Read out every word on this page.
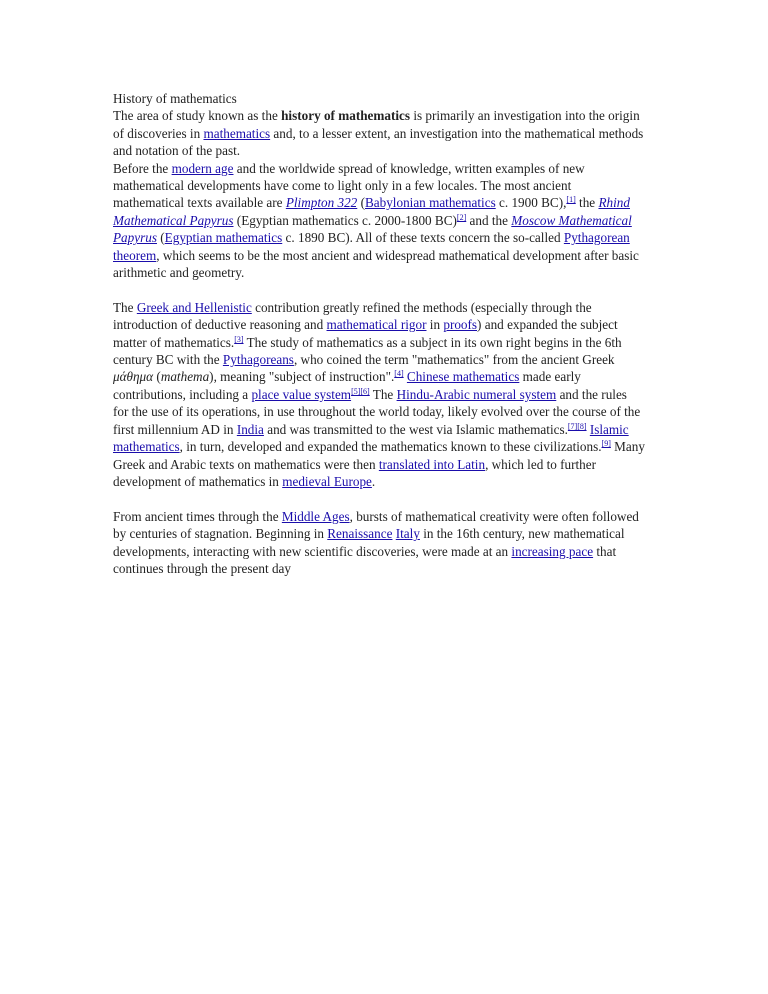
History of mathematics

The area of study known as the history of mathematics is primarily an investigation into the origin of discoveries in mathematics and, to a lesser extent, an investigation into the mathematical methods and notation of the past.

Before the modern age and the worldwide spread of knowledge, written examples of new mathematical developments have come to light only in a few locales. The most ancient mathematical texts available are Plimpton 322 (Babylonian mathematics c. 1900 BC),[1] the Rhind Mathematical Papyrus (Egyptian mathematics c. 2000-1800 BC)[2] and the Moscow Mathematical Papyrus (Egyptian mathematics c. 1890 BC). All of these texts concern the so-called Pythagorean theorem, which seems to be the most ancient and widespread mathematical development after basic arithmetic and geometry.

The Greek and Hellenistic contribution greatly refined the methods (especially through the introduction of deductive reasoning and mathematical rigor in proofs) and expanded the subject matter of mathematics.[3] The study of mathematics as a subject in its own right begins in the 6th century BC with the Pythagoreans, who coined the term "mathematics" from the ancient Greek μάθημα (mathema), meaning "subject of instruction".[4] Chinese mathematics made early contributions, including a place value system[5][6] The Hindu-Arabic numeral system and the rules for the use of its operations, in use throughout the world today, likely evolved over the course of the first millennium AD in India and was transmitted to the west via Islamic mathematics.[7][8] Islamic mathematics, in turn, developed and expanded the mathematics known to these civilizations.[9] Many Greek and Arabic texts on mathematics were then translated into Latin, which led to further development of mathematics in medieval Europe.

From ancient times through the Middle Ages, bursts of mathematical creativity were often followed by centuries of stagnation. Beginning in Renaissance Italy in the 16th century, new mathematical developments, interacting with new scientific discoveries, were made at an increasing pace that continues through the present day
